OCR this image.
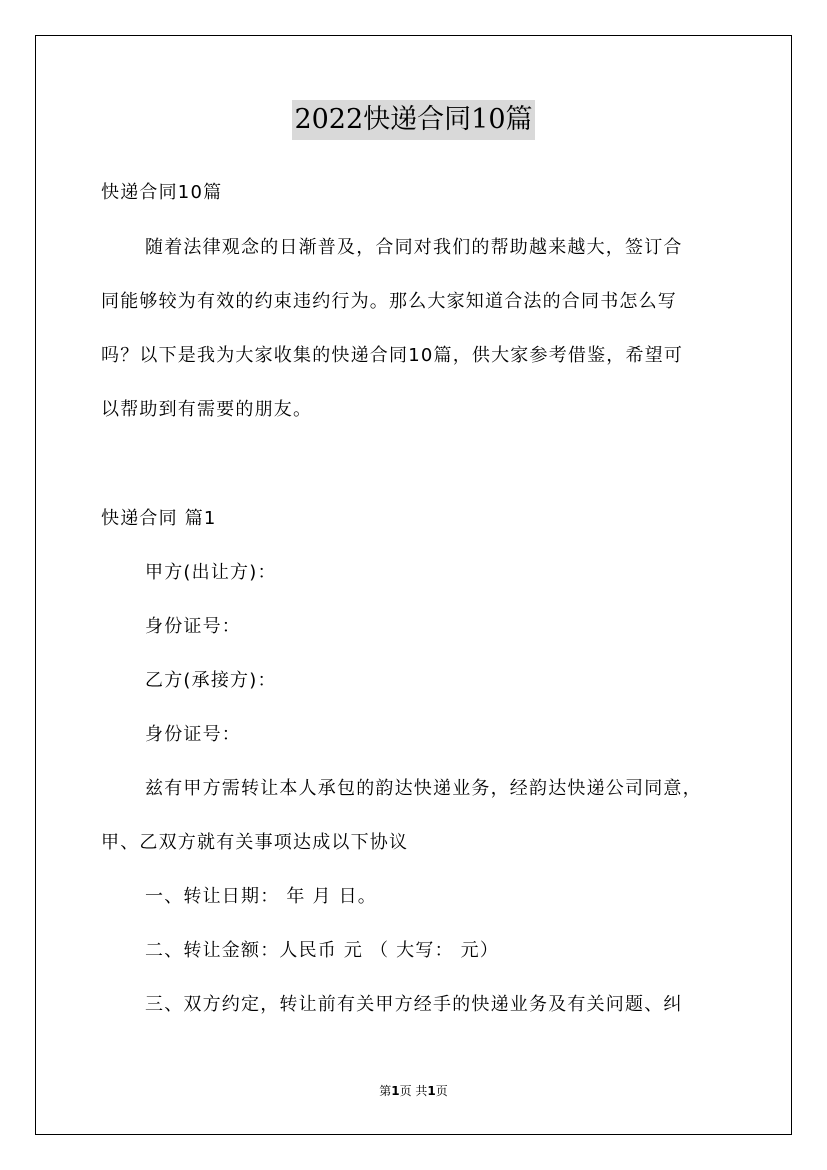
2022快递合同10篇
快递合同10篇
随着法律观念的日渐普及，合同对我们的帮助越来越大，签订合
同能够较为有效的约束违约行为。那么大家知道合法的合同书怎么写
吗？以下是我为大家收集的快递合同10篇，供大家参考借鉴，希望可
以帮助到有需要的朋友。
快递合同 篇1
甲方(出让方)：
身份证号：
乙方(承接方)：
身份证号：
兹有甲方需转让本人承包的韵达快递业务，经韵达快递公司同意，
甲、乙双方就有关事项达成以下协议
一、转让日期： 年 月 日。
二、转让金额：人民币 元 （ 大写： 元）
三、双方约定，转让前有关甲方经手的快递业务及有关问题、纠
第1页 共1页
